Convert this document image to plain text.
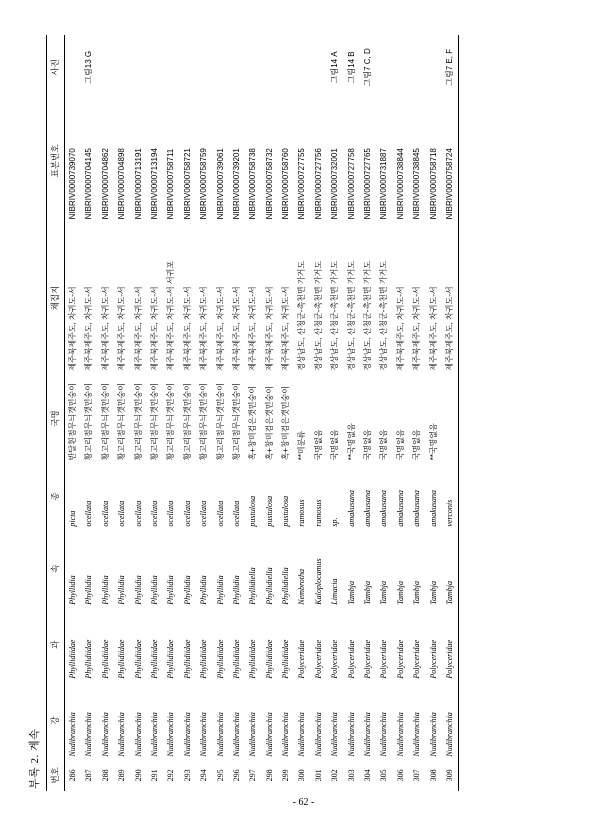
부록 2. 계속 번호	강	과	속	종	국명	채집지	표본번호	사진
286	Nudibranchia	Phyllidiidae	Phyllidia	picta	반달흰점무늬갯민숭이	제주북제주도, 차귀도-서	NIBRIV0000739070	
287	Nudibranchia	Phyllidiidae	Phyllidia	ocellata	황고리점무늬갯민숭이	제주북제주도, 차귀도-서	NIBRIV0000704145	그림13 G
288	Nudibranchia	Phyllidiidae	Phyllidia	ocellata	황고리점무늬갯민숭이	제주북제주도, 차귀도-서	NIBRIV0000704862	
289	Nudibranchia	Phyllidiidae	Phyllidia	ocellata	황고리점무늬갯민숭이	제주북제주도, 차귀도-서	NIBRIV0000704898	
290	Nudibranchia	Phyllidiidae	Phyllidia	ocellata	황고리점무늬갯민숭이	제주북제주도, 차귀도-서	NIBRIV0000713191	
291	Nudibranchia	Phyllidiidae	Phyllidia	ocellata	황고리점무늬갯민숭이	제주북제주도, 차귀도-서	NIBRIV0000713194	
292	Nudibranchia	Phyllidiidae	Phyllidia	ocellata	황고리점무늬갯민숭이	제주북제주도, 차귀도-서 서귀포	NIBRIV0000758711	
293	Nudibranchia	Phyllidiidae	Phyllidia	ocellata	황고리점무늬갯민숭이	제주북제주도, 차귀도-서	NIBRIV0000758721	
294	Nudibranchia	Phyllidiidae	Phyllidia	ocellata	황고리점무늬갯민숭이	제주북제주도, 차귀도-서	NIBRIV0000758759	
295	Nudibranchia	Phyllidiidae	Phyllidia	ocellata	황고리점무늬갯민숭이	제주북제주도, 차귀도-서	NIBRIV0000739061	
296	Nudibranchia	Phyllidiidae	Phyllidia	ocellata	황고리점무늬갯민숭이	제주북제주도, 차귀도-서	NIBRIV0000739201	
297	Nudibranchia	Phyllidiidae	Phyllidiella	pustulosa	혹+창미검은갯민숭이	제주북제주도, 차귀도-서	NIBRIV0000758738	
298	Nudibranchia	Phyllidiidae	Phyllidiella	pustulosa	혹+창미검은갯민숭이	제주북제주도, 차귀도-서	NIBRIV0000758732	
299	Nudibranchia	Phyllidiidae	Phyllidiella	pustulosa	혹+창미검은갯민숭이	제주북제주도, 차귀도-서	NIBRIV0000758760	
300	Nudibranchia	Polyceridae	Nembrotha	ramosus	**미분류	경상남도, 산청군-촉천면 가거도	NIBRIV0000727755	
301	Nudibranchia	Polyceridae	Kaloplocamus	ramosus	국명없음	경상남도, 산청군-촉천면 가거도	NIBRIV0000727756	
302	Nudibranchia	Polyceridae	Limacia	sp.	국명없음	경상남도, 산청군-촉천면 가거도	NIBRIV0000732001	그림14 A
303	Nudibranchia	Polyceridae	Tambja	amakusana	**국명없음	경상남도, 산청군-촉천면 가거도	NIBRIV0000727758	그림14 B
304	Nudibranchia	Polyceridae	Tambja	amakusana	국명없음	경상남도, 산청군-촉천면 가거도	NIBRIV0000727765	그림7 C, D
305	Nudibranchia	Polyceridae	Tambja	amakusana	국명없음	경상남도, 산청군-촉천면 가거도	NIBRIV0000731887	
306	Nudibranchia	Polyceridae	Tambja	amakusana	국명없음	제주북제주도, 차귀도-서	NIBRIV0000738844	
307	Nudibranchia	Polyceridae	Tambja	amakusana	국명없음	제주북제주도, 차귀도-서	NIBRIV0000738845	
308	Nudibranchia	Polyceridae	Tambja	amakusana	**국명없음	제주북제주도, 차귀도-서	NIBRIV0000758718	
309	Nudibranchia	Polyceridae	Tambja	verconis		제주북제주도, 차귀도-서	NIBRIV0000758724	그림7 E, F
- 62 -
